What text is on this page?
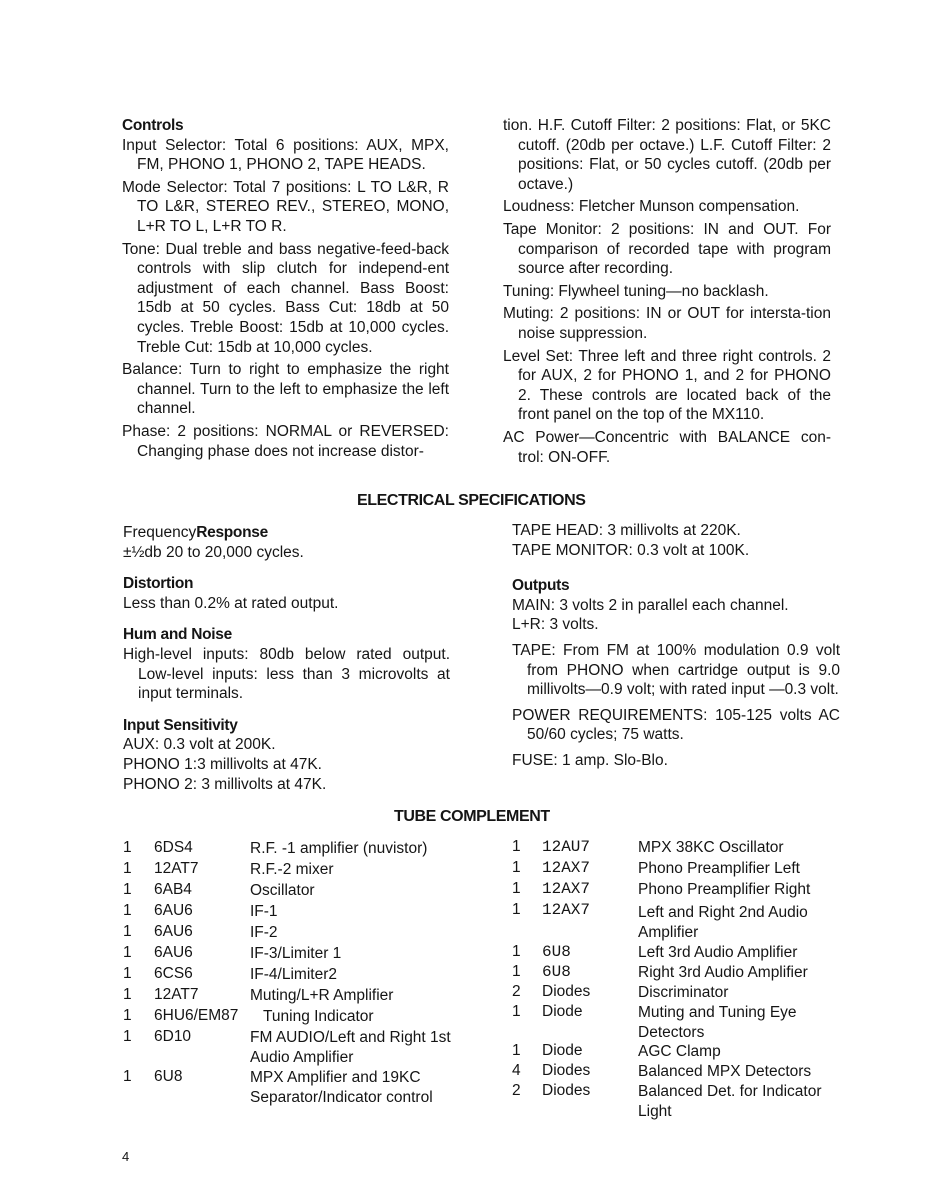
Controls

Input Selector: Total 6 positions: AUX, MPX, FM, PHONO 1, PHONO 2, TAPE HEADS.

Mode Selector: Total 7 positions: L TO L&R, R TO L&R, STEREO REV., STEREO, MONO, L+R TO L, L+R TO R.

Tone: Dual treble and bass negative-feed-back controls with slip clutch for independ-ent adjustment of each channel. Bass Boost: 15db at 50 cycles. Bass Cut: 18db at 50 cycles. Treble Boost: 15db at 10,000 cycles. Treble Cut: 15db at 10,000 cycles.

Balance: Turn to right to emphasize the right channel. Turn to the left to emphasize the left channel.

Phase: 2 positions: NORMAL or REVERSED: Changing phase does not increase distor-

tion. H.F. Cutoff Filter: 2 positions: Flat, or 5KC cutoff. (20db per octave.) L.F. Cutoff Filter: 2 positions: Flat, or 50 cycles cutoff. (20db per octave.)

Loudness: Fletcher Munson compensation.

Tape Monitor: 2 positions: IN and OUT. For comparison of recorded tape with program source after recording.

Tuning: Flywheel tuning—no backlash.

Muting: 2 positions: IN or OUT for intersta-tion noise suppression.

Level Set: Three left and three right controls. 2 for AUX, 2 for PHONO 1, and 2 for PHONO 2. These controls are located back of the front panel on the top of the MX110.

AC Power—Concentric with BALANCE con-trol: ON-OFF.

ELECTRICAL SPECIFICATIONS

FrequencyResponse

±½db 20 to 20,000 cycles.

Distortion

Less than 0.2% at rated output.

Hum and Noise

High-level inputs: 80db below rated output. Low-level inputs: less than 3 microvolts at input terminals.

Input Sensitivity

AUX: 0.3 volt at 200K.

PHONO 1:3 millivolts at 47K.

PHONO 2: 3 millivolts at 47K.

TAPE HEAD: 3 millivolts at 220K.

TAPE MONITOR: 0.3 volt at 100K.

Outputs

MAIN: 3 volts 2 in parallel each channel.

L+R: 3 volts.

TAPE: From FM at 100% modulation 0.9 volt from PHONO when cartridge output is 9.0 millivolts—0.9 volt; with rated input —0.3 volt.

POWER REQUIREMENTS: 105-125 volts AC 50/60 cycles; 75 watts.

FUSE: 1 amp. Slo-Blo.

TUBE COMPLEMENT
1 6DS4	R.F. -1 amplifier (nuvistor)
1 12AT7	R.F.-2 mixer
1 6AB4	Oscillator
1 6AU6	IF-1
1 6AU6	IF-2
1 6AU6	IF-3/Limiter 1
1 6CS6	IF-4/Limiter2
1 12AT7	Muting/L+R Amplifier
1 6HU6/EM87 Tuning Indicator
1 6D10	FM AUDIO/Left and Right 1st Audio Amplifier
1 6U8	MPX Amplifier and 19KC Separator/Indicator control
1 12AU7	MPX 38KC Oscillator
1 12AX7	Phono Preamplifier Left
1 12AX7	Phono Preamplifier Right
1 12AX7	Left and Right 2nd Audio Amplifier
1 6U8	Left 3rd Audio Amplifier
1 6U8	Right 3rd Audio Amplifier
2 Diodes	Discriminator
1 Diode	Muting and Tuning Eye Detectors
1 Diode	AGC Clamp
4 Diodes	Balanced MPX Detectors
2 Diodes	Balanced Det. for Indicator Light
4
